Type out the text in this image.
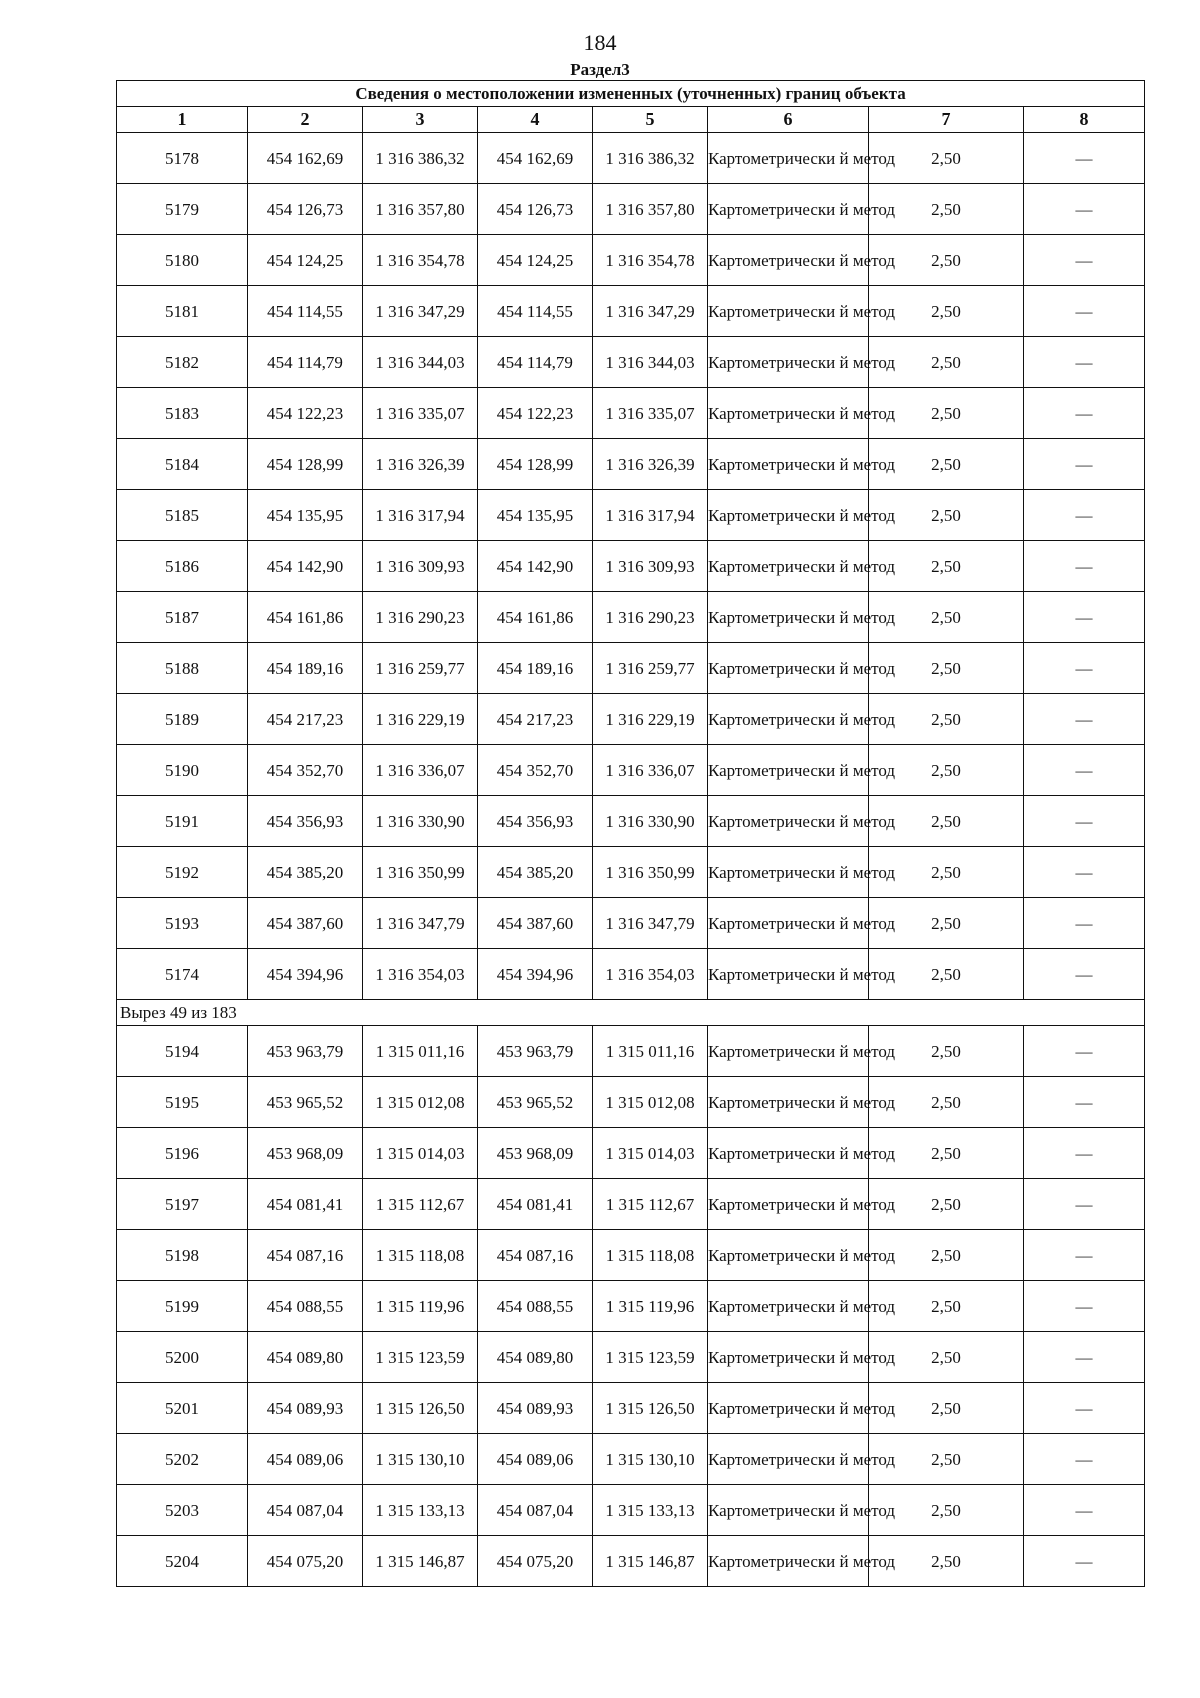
184
Раздел3
Сведения о местоположении измененных (уточненных) границ объекта							
1	2	3	4	5	6	7	8
5178	454 162,69	1 316 386,32	454 162,69	1 316 386,32	Картометрически й метод	2,50	—
5179	454 126,73	1 316 357,80	454 126,73	1 316 357,80	Картометрически й метод	2,50	—
5180	454 124,25	1 316 354,78	454 124,25	1 316 354,78	Картометрически й метод	2,50	—
5181	454 114,55	1 316 347,29	454 114,55	1 316 347,29	Картометрически й метод	2,50	—
5182	454 114,79	1 316 344,03	454 114,79	1 316 344,03	Картометрически й метод	2,50	—
5183	454 122,23	1 316 335,07	454 122,23	1 316 335,07	Картометрически й метод	2,50	—
5184	454 128,99	1 316 326,39	454 128,99	1 316 326,39	Картометрически й метод	2,50	—
5185	454 135,95	1 316 317,94	454 135,95	1 316 317,94	Картометрически й метод	2,50	—
5186	454 142,90	1 316 309,93	454 142,90	1 316 309,93	Картометрически й метод	2,50	—
5187	454 161,86	1 316 290,23	454 161,86	1 316 290,23	Картометрически й метод	2,50	—
5188	454 189,16	1 316 259,77	454 189,16	1 316 259,77	Картометрически й метод	2,50	—
5189	454 217,23	1 316 229,19	454 217,23	1 316 229,19	Картометрически й метод	2,50	—
5190	454 352,70	1 316 336,07	454 352,70	1 316 336,07	Картометрически й метод	2,50	—
5191	454 356,93	1 316 330,90	454 356,93	1 316 330,90	Картометрически й метод	2,50	—
5192	454 385,20	1 316 350,99	454 385,20	1 316 350,99	Картометрически й метод	2,50	—
5193	454 387,60	1 316 347,79	454 387,60	1 316 347,79	Картометрически й метод	2,50	—
5174	454 394,96	1 316 354,03	454 394,96	1 316 354,03	Картометрически й метод	2,50	—
Вырез 49 из 183							
5194	453 963,79	1 315 011,16	453 963,79	1 315 011,16	Картометрически й метод	2,50	—
5195	453 965,52	1 315 012,08	453 965,52	1 315 012,08	Картометрически й метод	2,50	—
5196	453 968,09	1 315 014,03	453 968,09	1 315 014,03	Картометрически й метод	2,50	—
5197	454 081,41	1 315 112,67	454 081,41	1 315 112,67	Картометрически й метод	2,50	—
5198	454 087,16	1 315 118,08	454 087,16	1 315 118,08	Картометрически й метод	2,50	—
5199	454 088,55	1 315 119,96	454 088,55	1 315 119,96	Картометрически й метод	2,50	—
5200	454 089,80	1 315 123,59	454 089,80	1 315 123,59	Картометрически й метод	2,50	—
5201	454 089,93	1 315 126,50	454 089,93	1 315 126,50	Картометрически й метод	2,50	—
5202	454 089,06	1 315 130,10	454 089,06	1 315 130,10	Картометрически й метод	2,50	—
5203	454 087,04	1 315 133,13	454 087,04	1 315 133,13	Картометрически й метод	2,50	—
5204	454 075,20	1 315 146,87	454 075,20	1 315 146,87	Картометрически й метод	2,50	—
